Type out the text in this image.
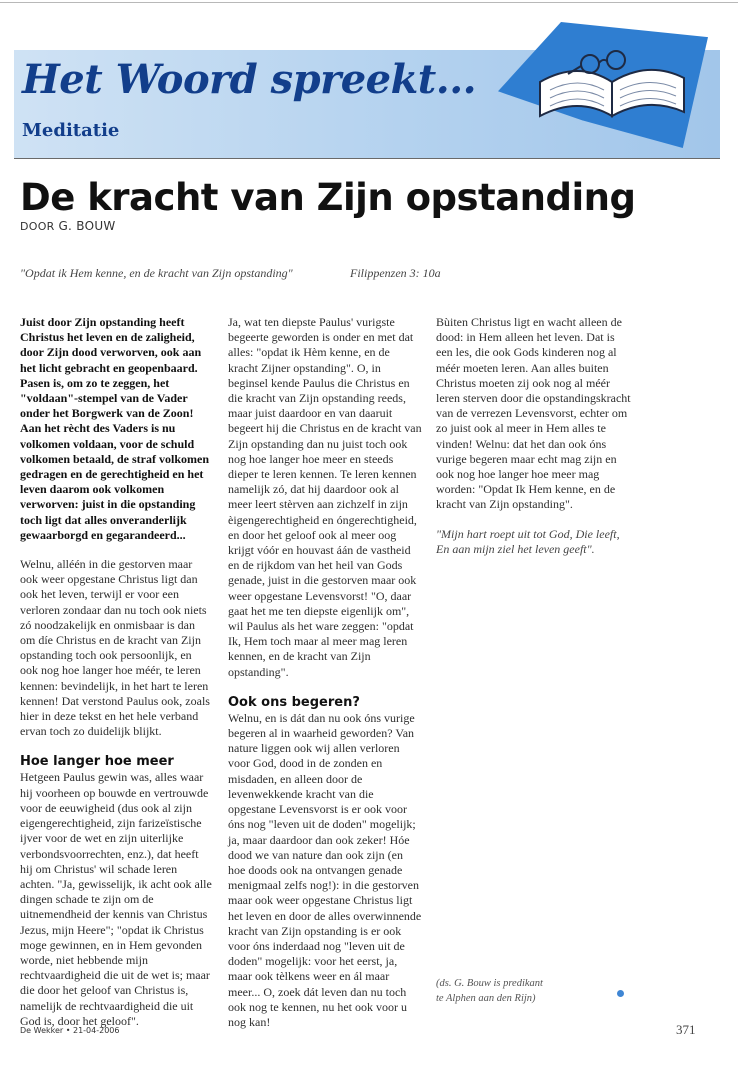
Het Woord spreekt...
Meditatie
De kracht van Zijn opstanding
DOOR G. BOUW
"Opdat ik Hem kenne, en de kracht van Zijn opstanding"	Filippenzen 3: 10a

Juist door Zijn opstanding heeft Christus het leven en de zaligheid, door Zijn dood verworven, ook aan het licht gebracht en geopenbaard. Pasen is, om zo te zeggen, het "voldaan"-stempel van de Vader onder het Borgwerk van de Zoon! Aan het rècht des Vaders is nu volkomen voldaan, voor de schuld volkomen betaald, de straf volkomen gedragen en de gerechtigheid en het leven daarom ook volkomen verworven: juist in die opstanding toch ligt dat alles onveranderlijk gewaarborgd en gegarandeerd...

Welnu, alléén in die gestorven maar ook weer opgestane Christus ligt dan ook het leven, terwijl er voor een verloren zondaar dan nu toch ook niets zó noodzakelijk en onmisbaar is dan om díe Christus en de kracht van Zijn opstanding toch ook persoonlijk, en ook nog hoe langer hoe méér, te leren kennen: bevindelijk, in het hart te leren kennen! Dat verstond Paulus ook, zoals hier in deze tekst en het hele verband ervan toch zo duidelijk blijkt.

Hoe langer hoe meer
Hetgeen Paulus gewin was, alles waar hij voorheen op bouwde en vertrouwde voor de eeuwigheid (dus ook al zijn eigengerechtigheid, zijn farizeïstische ijver voor de wet en zijn uiterlijke verbondsvoorrechten, enz.), dat heeft hij om Christus' wil schade leren achten. "Ja, gewisselijk, ik acht ook alle dingen schade te zijn om de uitnemendheid der kennis van Christus Jezus, mijn Heere"; "opdat ik Christus moge gewinnen, en in Hem gevonden worde, niet hebbende mijn rechtvaardigheid die uit de wet is; maar die door het geloof van Christus is, namelijk de rechtvaardigheid die uit God is, door het geloof".

Ja, wat ten diepste Paulus' vurigste begeerte geworden is onder en met dat alles: "opdat ik Hèm kenne, en de kracht Zijner opstanding". O, in beginsel kende Paulus die Christus en die kracht van Zijn opstanding reeds, maar juist daardoor en van daaruit begeert hij die Christus en de kracht van Zijn opstanding dan nu juist toch ook nog hoe langer hoe meer en steeds dieper te leren kennen. Te leren kennen namelijk zó, dat hij daardoor ook al meer leert stèrven aan zichzelf in zijn èigengerechtigheid en óngerechtigheid, en door het geloof ook al meer oog krijgt vóór en houvast áán de vastheid en de rijkdom van het heil van Gods genade, juist in die gestorven maar ook weer opgestane Levensvorst! "O, daar gaat het me ten diepste eigenlijk om", wil Paulus als het ware zeggen: "opdat Ik, Hem toch maar al meer mag leren kennen, en de kracht van Zijn opstanding".

Ook ons begeren?
Welnu, en is dát dan nu ook óns vurige begeren al in waarheid geworden? Van nature liggen ook wij allen verloren voor God, dood in de zonden en misdaden, en alleen door de levenwekkende kracht van die opgestane Levensvorst is er ook voor óns nog "leven uit de doden" mogelijk; ja, maar daardoor dan ook zeker! Hóe dood we van nature dan ook zijn (en hoe doods ook na ontvangen genade menigmaal zelfs nog!): in die gestorven maar ook weer opgestane Christus ligt het leven en door de alles overwinnende kracht van Zijn opstanding is er ook voor óns inderdaad nog "leven uit de doden" mogelijk: voor het eerst, ja, maar ook tèlkens weer en ál maar meer... O, zoek dát leven dan nu toch ook nog te kennen, nu het ook voor u nog kan!

Bùiten Christus ligt en wacht alleen de dood: in Hem alleen het leven. Dat is een les, die ook Gods kinderen nog al méér moeten leren. Aan alles buiten Christus moeten zij ook nog al méér leren sterven door die opstandingskracht van de verrezen Levensvorst, echter om zo juist ook al meer in Hem alles te vinden! Welnu: dat het dan ook óns vurige begeren maar echt mag zijn en ook nog hoe langer hoe meer mag worden: "Opdat Ik Hem kenne, en de kracht van Zijn opstanding".

"Mijn hart roept uit tot God, Die leeft,
En aan mijn ziel het leven geeft".

(ds. G. Bouw is predikant
te Alphen aan den Rijn)
De Wekker • 21-04-2006	371
